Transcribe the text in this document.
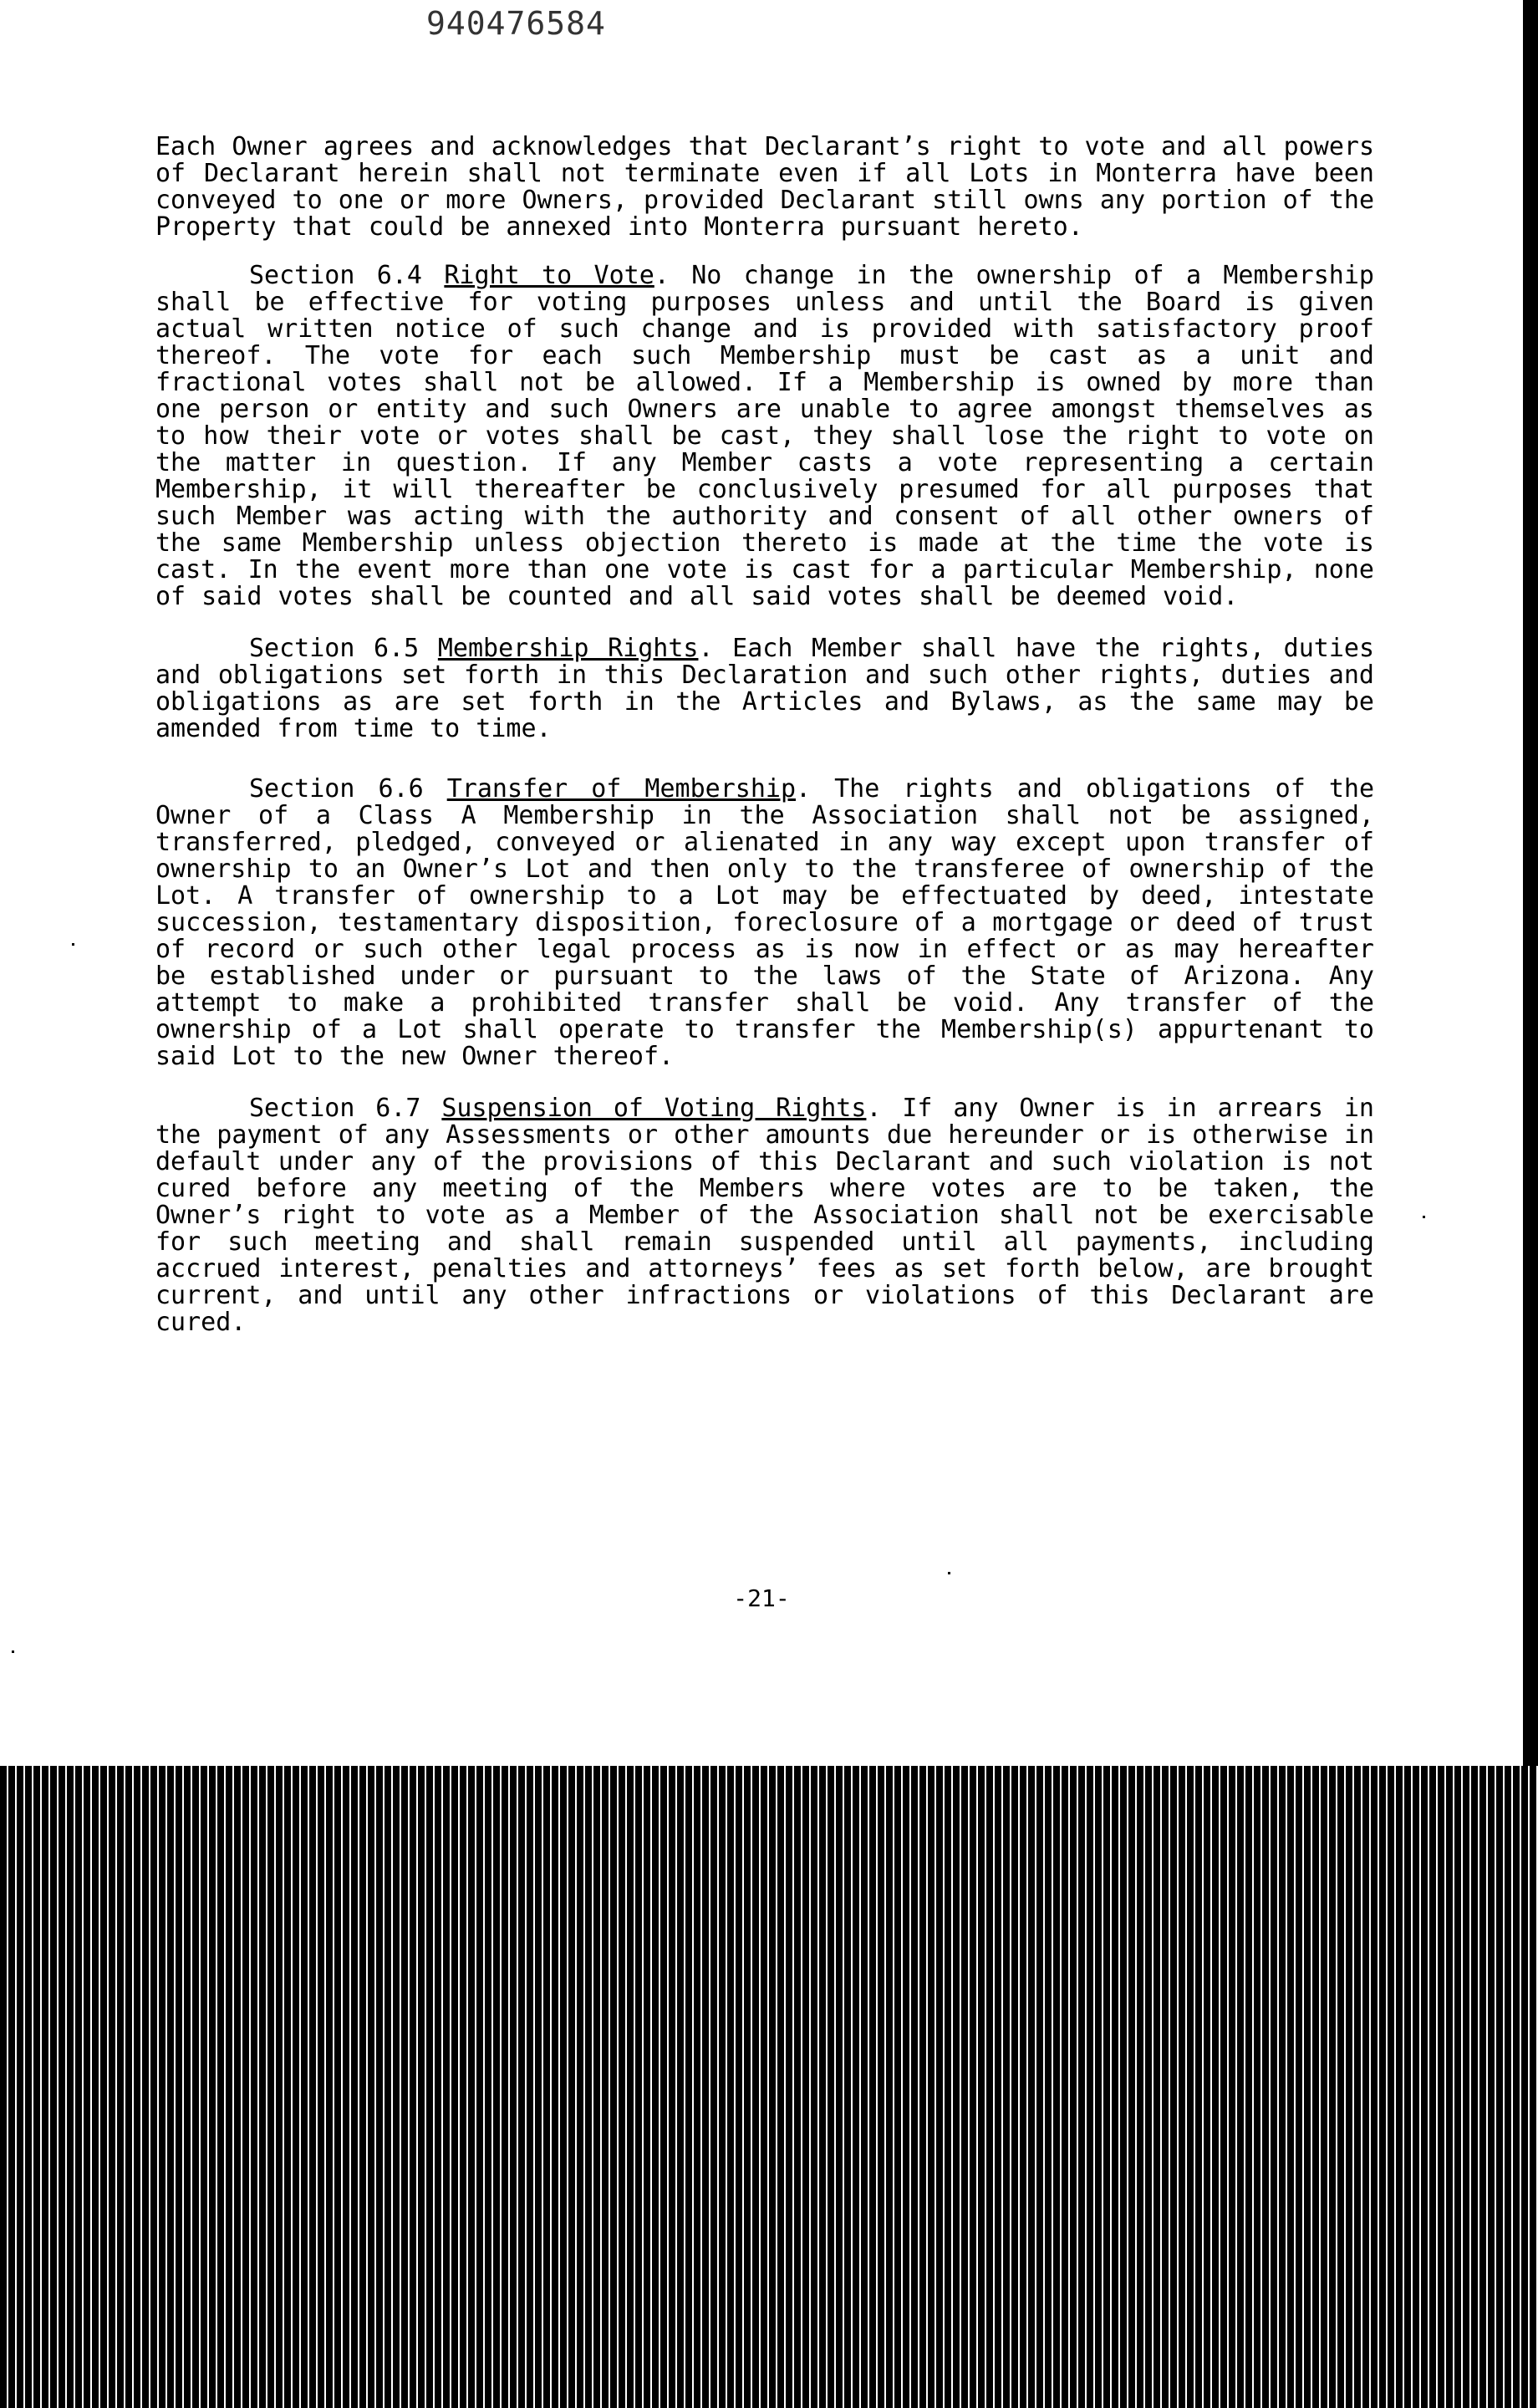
940476584
Each Owner agrees and acknowledges that Declarant’s right to vote and all powers of Declarant herein shall not terminate even if all Lots in Monterra have been conveyed to one or more Owners, provided Declarant still owns any portion of the Property that could be annexed into Monterra pursuant hereto.
Section 6.4 Right to Vote. No change in the ownership of a Membership shall be effective for voting purposes unless and until the Board is given actual written notice of such change and is provided with satisfactory proof thereof. The vote for each such Membership must be cast as a unit and fractional votes shall not be allowed. If a Membership is owned by more than one person or entity and such Owners are unable to agree amongst themselves as to how their vote or votes shall be cast, they shall lose the right to vote on the matter in question. If any Member casts a vote representing a certain Membership, it will thereafter be conclusively presumed for all purposes that such Member was acting with the authority and consent of all other owners of the same Membership unless objection thereto is made at the time the vote is cast. In the event more than one vote is cast for a particular Membership, none of said votes shall be counted and all said votes shall be deemed void.
Section 6.5 Membership Rights. Each Member shall have the rights, duties and obligations set forth in this Declaration and such other rights, duties and obligations as are set forth in the Articles and Bylaws, as the same may be amended from time to time.
Section 6.6 Transfer of Membership. The rights and obligations of the Owner of a Class A Membership in the Association shall not be assigned, transferred, pledged, conveyed or alienated in any way except upon transfer of ownership to an Owner’s Lot and then only to the transferee of ownership of the Lot. A transfer of ownership to a Lot may be effectuated by deed, intestate succession, testamentary disposition, foreclosure of a mortgage or deed of trust of record or such other legal process as is now in effect or as may hereafter be established under or pursuant to the laws of the State of Arizona. Any attempt to make a prohibited transfer shall be void. Any transfer of the ownership of a Lot shall operate to transfer the Membership(s) appurtenant to said Lot to the new Owner thereof.
Section 6.7 Suspension of Voting Rights. If any Owner is in arrears in the payment of any Assessments or other amounts due hereunder or is otherwise in default under any of the provisions of this Declarant and such violation is not cured before any meeting of the Members where votes are to be taken, the Owner’s right to vote as a Member of the Association shall not be exercisable for such meeting and shall remain suspended until all payments, including accrued interest, penalties and attorneys’ fees as set forth below, are brought current, and until any other infractions or violations of this Declarant are cured.
-21-
